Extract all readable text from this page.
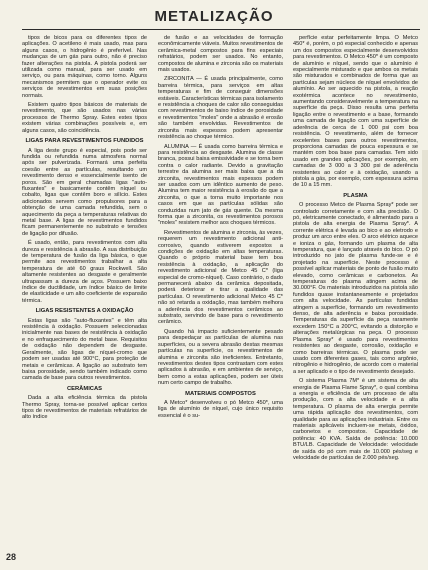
METALIZAÇÃO

tipos de bicos para os diferentes tipos de aplicações. O acetileno é mais usado, mas para alguns casos, o hidrogênio é preferível. Nas mudanças de um gás para outro, não é preciso fazer alterações na pistola. A pistola poderá ser utilizada como manual, para ser usado em serviço, ou para máquinas, como torno. Alguns mecanismos permitem que o operador evite os serviços de revestimentos em suas posições normais.

Existem quatro tipos básicos de materiais de revestimento, que são usados nas várias processos de Thermo Spray. Estes estes tipos existem várias combinações possíveis e, em alguns casos, são coincidência.

LIGAS PARA REVESTIMENTOS FUNDIDOS

A liga deste grupo é especial, pois pode ser fundida ou refundida numa atmosfera normal após ser pulverizada. Formará uma perfeita coesão entre as partículas, resultando um revestimento denso e essencialmente isento de poros. São em geral chamadas ligas "auto-fluxantes" e basicamente contêm níquel ou cobalto, ligas que contêm boro e silício. Estes adicionados servem como propulsores para a obtenção de uma camada refundida, sem o aquecimento da peça a temperaturas relativas do metal base. A ligas de revestimentos fundidos ficam permanentemente no substrato e tensões de ligação por difusão.

É usado, então, para revestimentos com alta dureza e resistência à abrasão. A sua distribuição de temperatura de fusão da liga básica, o que permite aos revestimentos trabalhar a alta temperatura de até 60 graus Rockwell. São altamente resistentes ao desgaste e geralmente ultrapassam a dureza de aços. Possuem baixo índice de ductilidade, um índice básico de limite de elasticidade e um alto coeficiente de expansão térmica.

LIGAS RESISTENTES A OXIDAÇÃO

Estas ligas são "auto-fluxantes" e têm alta resistência à oxidação. Possuem seleccionadas inicialmente nas bases de resistência à oxidação e no enfraquecimento do metal base. Requisitos de oxidação não dependem de desgaste. Geralmente, são ligas de níquel-cromo que podem ser usadas até 900°C, para proteção de metais e cerâmicas. A ligação ao substrato tem baixa porosidade, sendo também indicado como camada de base para outros revestimentos.

CERÂMICAS

Dada a alta eficiência térmica da pistola Thermo Spray, torna-se possível aplicar certos tipos de revestimentos de materiais refratários de alto índice

de fusão e as velocidades de formação econômicamente viáveis. Muitos revestimentos de cerâmica-metal compostos para fins especiais refratários, podem ser usados. No entanto, compostos de alumina e zirconia são os materiais mais usados.

ZIRCONITA — É usada principalmente, como barreira térmica, para serviços em altas temperaturas e fim de conseguir dimensões estáveis. Características térmicas para isolamento e resistência a choques de calor são conseguidas com revestimentos de baixo índice de porosidade e revestimentos "moles" onde a abrasão é erosão são também envolvidas. Revestimentos de zirconita mais espessos podem apresentar resistência ao choque térmico.

ALUMINA — É usada como barreira térmica e para resistência ao desgaste. Alumina de classe branca, possui baixa emissividade e se torna bem contra o calor radiante. Devido a gravitação terrestre da alumina ser mais baixa que a da zirconita, revestimentos mais espessos podem ser usados com um idêntico aumento de peso. Alumina tem maior resistência à erosão do que a zirconita, o que a torna muito importante nos casos em que as partículas sólidas são conduzidas num jato de gás quente. Da mesma forma que a zirconita, os revestimentos porosos "moles" resistem melhor aos choques térmicos.

Revestimentos de alumina e zirconia, às vezes, requerem um revestimento adicional anti-corrosivo, quando estiverem expostos a condições de oxidação em altas temperaturas. Quando o próprio material base tem boa resistência à oxidação, a aplicação do revestimento adicional de Metco 45 C* (liga especial de cromo-níquel). Caso contrário, o dado permanecerá abaixo da cerâmica depositada, poderá deteriorar e tirar a qualidade das partículas. O revestimento adicional Metco 45 C* não só retarda a oxidação, mas também melhora a aderência dos revestimentos cerâmicos ao substrato, servindo de base para o revestimento cerâmico.

Quando há impacto suficientemente pesado para despedaçar as partículas de alumina nas superfícies, ou a severa abrasão destas mesmas partículas na superfície, os revestimentos de alumina e zirconita são ineficientes. Entretanto, revestimentos destes tipos contrastam com estes aplicados à abrasão, e em ambientes de serviço, bem como a estas aplicações, podem ser úteis num certo campo de trabalho.

MATERIAIS COMPOSTOS

A Metco* desenvolveu o pó Metco 450*, uma liga de alumínio de níquel, cujo único requisito essencial é o su-

perfície estar perfeitamente limpa. O Metco 450* é, porém, o pó especial conhecido e apenas um dos compostos especialmente desenvolvidos para revestimentos. O Metco 450* é um composto de alumínio e níquel, sendo que o alumínio é especialmente misturado e que ambos os metais são misturados e combinados de forma que as partículas sejam núcleos de níquel envolvidos de alumínio. Ao ser aquecido na pistola, a reação exotérmica acontece no revestimento, aumentando consideravelmente a temperatura na superfície da peça. Disso resulta uma perfeita ligação entre o revestimento e a base, formando uma camada de ligação com uma superfície de aderência de cerca de 1 000 psi com boa resistência. O revestimento, além de fornecer excelentes bases para outros revestimentos, proporciona camadas de pouca espessura e se mantém com boa base para camadas. Tem sido usado em grandes aplicações, por exemplo, em camadas de 3 000 a 3 300 psi de aderência resistentes ao calor e à oxidação, usando a pistola a gás, por exemplo, com espessura acima de 10 a 15 mm.

PLASMA

O processo Metco de Plasma Spray* pode ser controlado corretamente e com alta precisão. O pó, eletricamente conectado, é alimentado para a pistola de alta energia de Plasma Spray*. A corrente elétrica é levada ao bico e ao eletrodo e produz um arco entre eles. O arco elétrico aquece e ioniza o gás, formando um plasma de alta temperatura, que é lançado através do bico. O pó introduzido no jato de plasma funde-se e é projetado na superfície. Neste processo é possível aplicar materiais de ponto de fusão muito elevado, como cerâmicas e carbonetos. As temperaturas do plasma atingem acima de 30.000°F. Os materiais introduzidos na pistola são fundidos quase instantaneamente e projetados com alta velocidade. As partículas fundidas atingem a superfície, formando um revestimento denso, de alta aderência e baixa porosidade. Temperaturas da superfície da peça raramente excedem 150°C a 200°C, evitando a distorção e alterações metalúrgicas na peça. O processo Plasma Spray* é usado para revestimentos resistentes ao desgaste, corrosão, oxidação e como barreiras térmicas. O plasma pode ser usado com diferentes gases, tais como argônio, nitrogênio e hidrogênio, de acordo com o material a ser aplicado e o tipo de revestimento desejado.

O sistema Plasma 7M* é um sistema de alta energia de Plasma Flame Spray*, o qual combina a energia e eficiência de um processo de alta produção, com a alta velocidade e a alta temperatura. O plasma de alta energia permite uma rápida aplicação dos revestimentos, com qualidade para as aplicações industriais. Entre os materiais aplicáveis incluem-se metais, óxidos, carbonetos e compostos. Capacidade de potência: 40 KVA. Saída de potência: 10.000 BTU/LB. Capacidade de Velocidade: velocidade de saída do pó com mais de 10.000 pés/seg e velocidade de partículas de 2.000 pés/seg.

28
